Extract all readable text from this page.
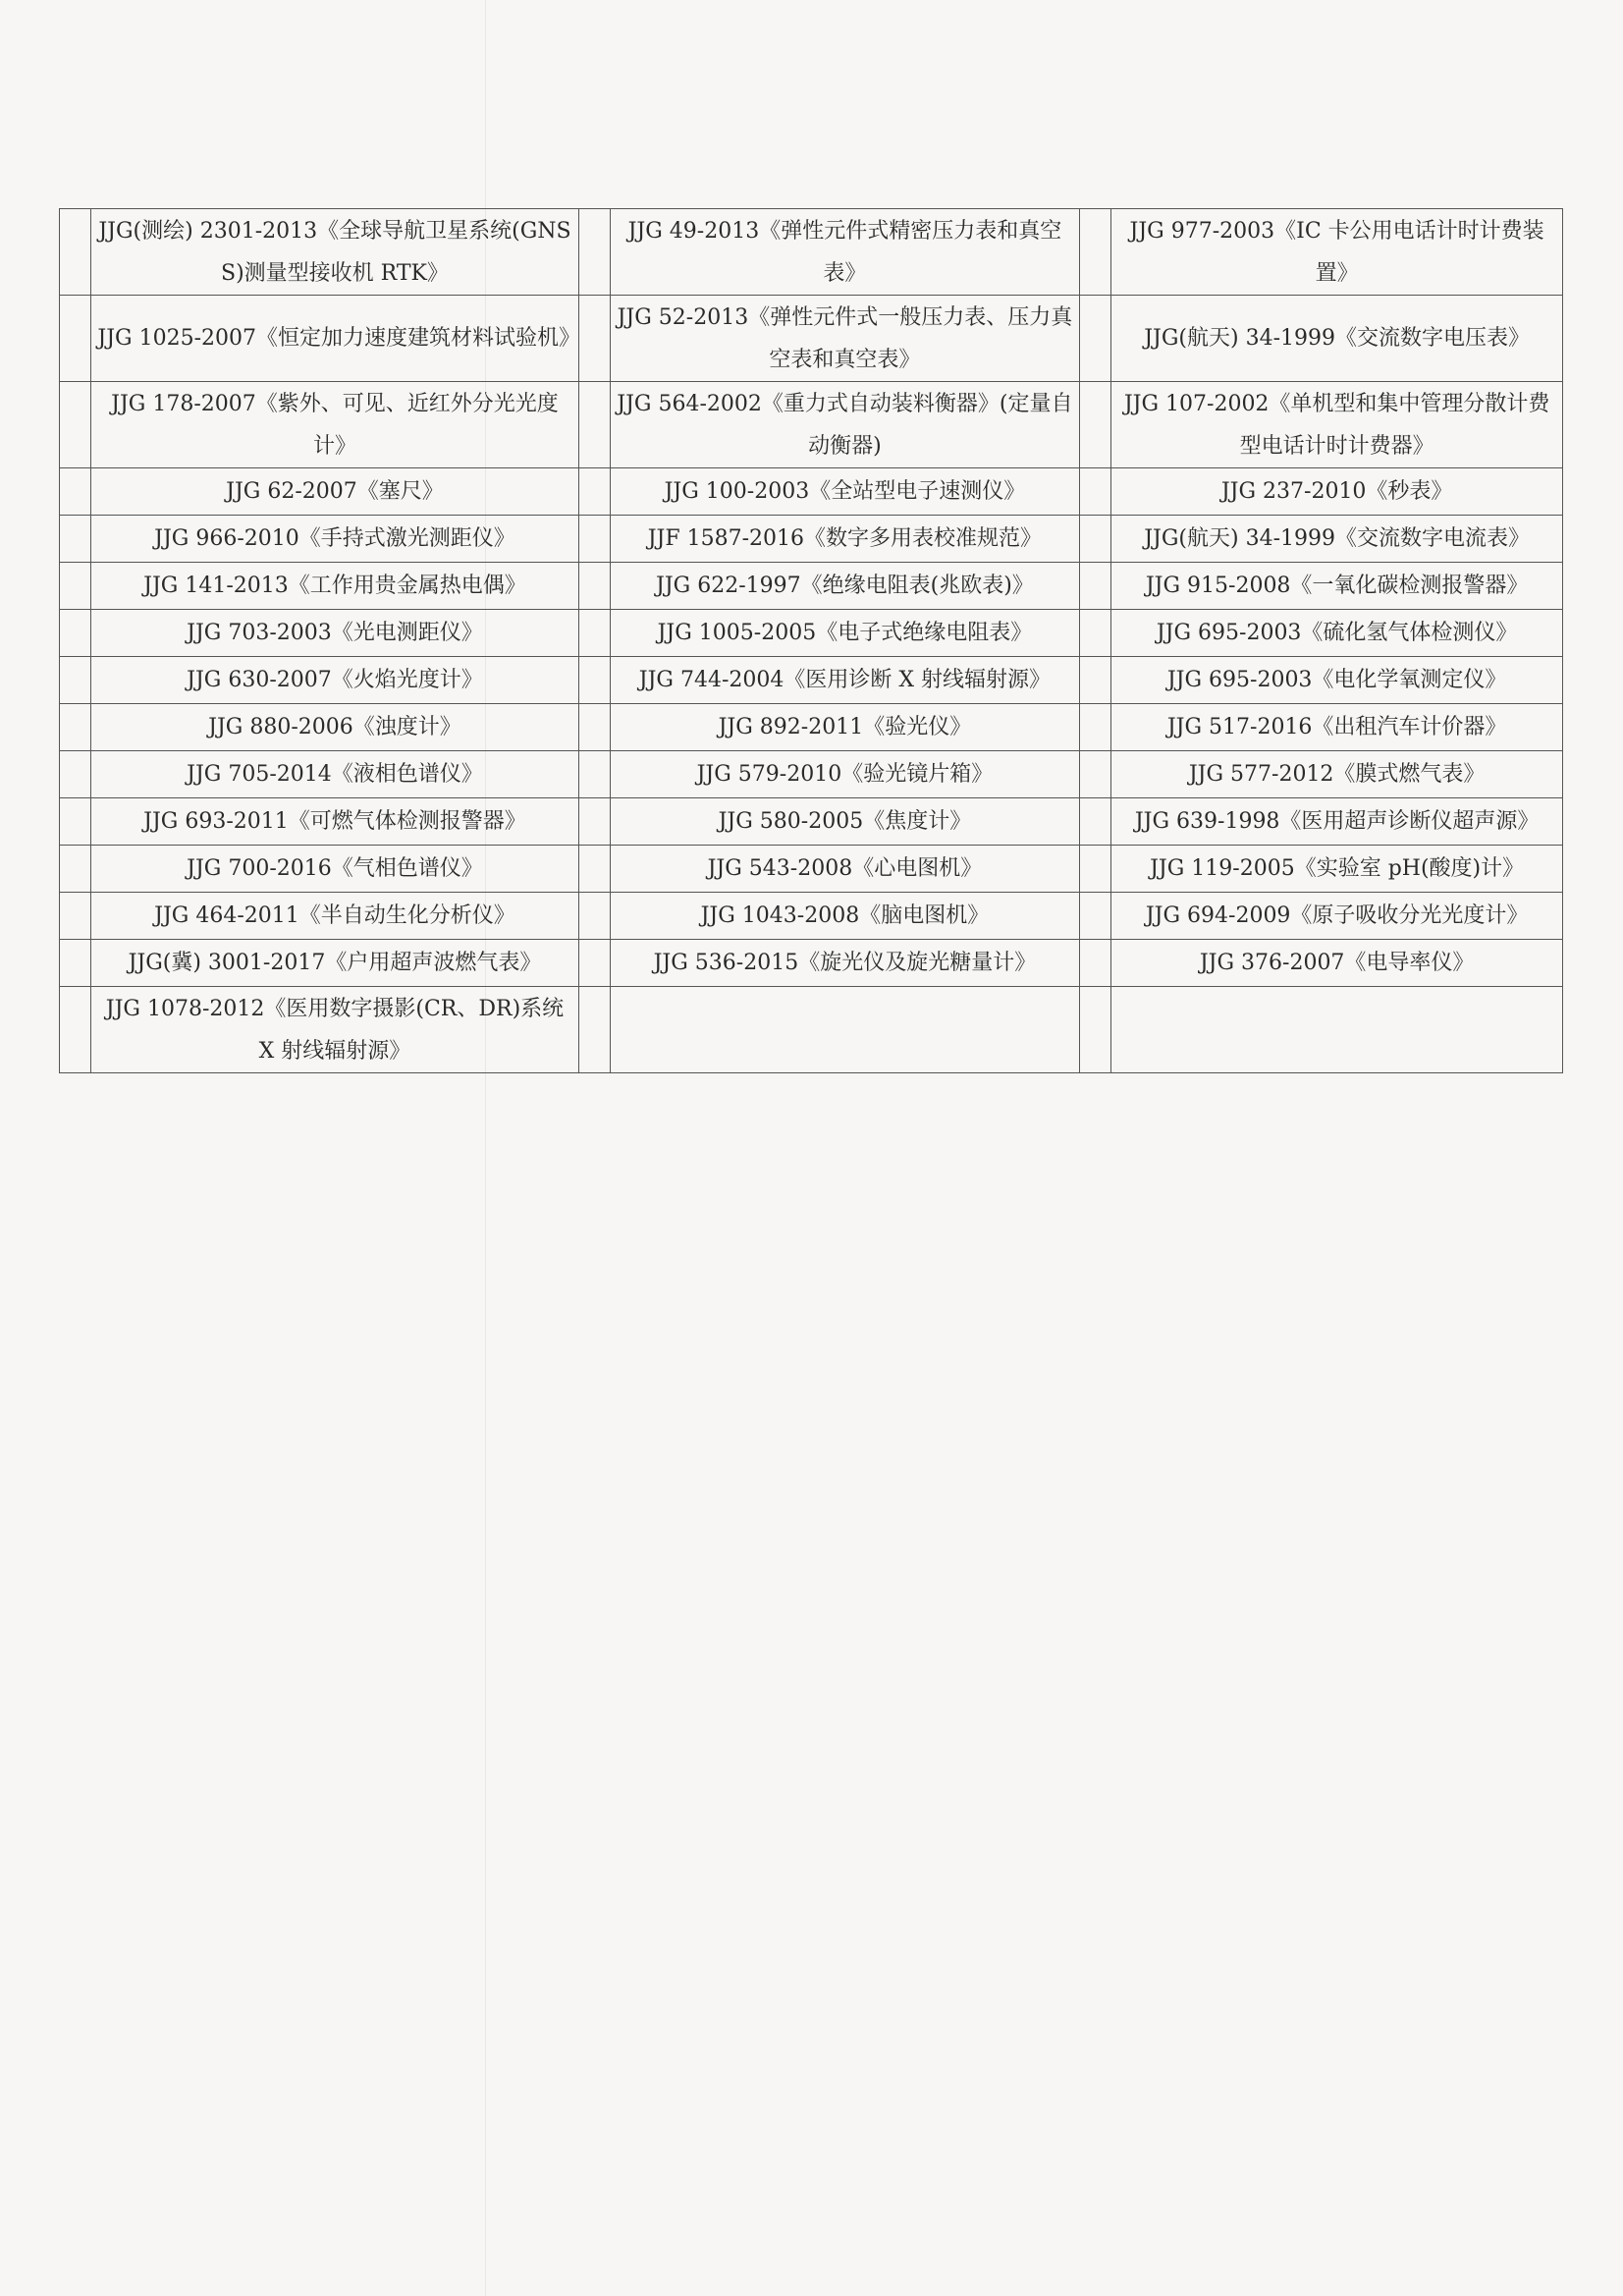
	JJG(测绘) 2301-2013《全球导航卫星系统(GNSS)测量型接收机 RTK》		JJG 49-2013《弹性元件式精密压力表和真空表》		JJG 977-2003《IC 卡公用电话计时计费装置》
	JJG 1025-2007《恒定加力速度建筑材料试验机》		JJG 52-2013《弹性元件式一般压力表、压力真空表和真空表》		JJG(航天) 34-1999《交流数字电压表》
	JJG 178-2007《紫外、可见、近红外分光光度计》		JJG 564-2002《重力式自动装料衡器》(定量自动衡器)		JJG 107-2002《单机型和集中管理分散计费型电话计时计费器》
	JJG 62-2007《塞尺》		JJG 100-2003《全站型电子速测仪》		JJG 237-2010《秒表》
	JJG 966-2010《手持式激光测距仪》		JJF 1587-2016《数字多用表校准规范》		JJG(航天) 34-1999《交流数字电流表》
	JJG 141-2013《工作用贵金属热电偶》		JJG 622-1997《绝缘电阻表(兆欧表)》		JJG 915-2008《一氧化碳检测报警器》
	JJG 703-2003《光电测距仪》		JJG 1005-2005《电子式绝缘电阻表》		JJG 695-2003《硫化氢气体检测仪》
	JJG 630-2007《火焰光度计》		JJG 744-2004《医用诊断 X 射线辐射源》		JJG 695-2003《电化学氧测定仪》
	JJG 880-2006《浊度计》		JJG 892-2011《验光仪》		JJG 517-2016《出租汽车计价器》
	JJG 705-2014《液相色谱仪》		JJG 579-2010《验光镜片箱》		JJG 577-2012《膜式燃气表》
	JJG 693-2011《可燃气体检测报警器》		JJG 580-2005《焦度计》		JJG 639-1998《医用超声诊断仪超声源》
	JJG 700-2016《气相色谱仪》		JJG 543-2008《心电图机》		JJG 119-2005《实验室 pH(酸度)计》
	JJG 464-2011《半自动生化分析仪》		JJG 1043-2008《脑电图机》		JJG 694-2009《原子吸收分光光度计》
	JJG(冀) 3001-2017《户用超声波燃气表》		JJG 536-2015《旋光仪及旋光糖量计》		JJG 376-2007《电导率仪》
	JJG 1078-2012《医用数字摄影(CR、DR)系统 X 射线辐射源》				
